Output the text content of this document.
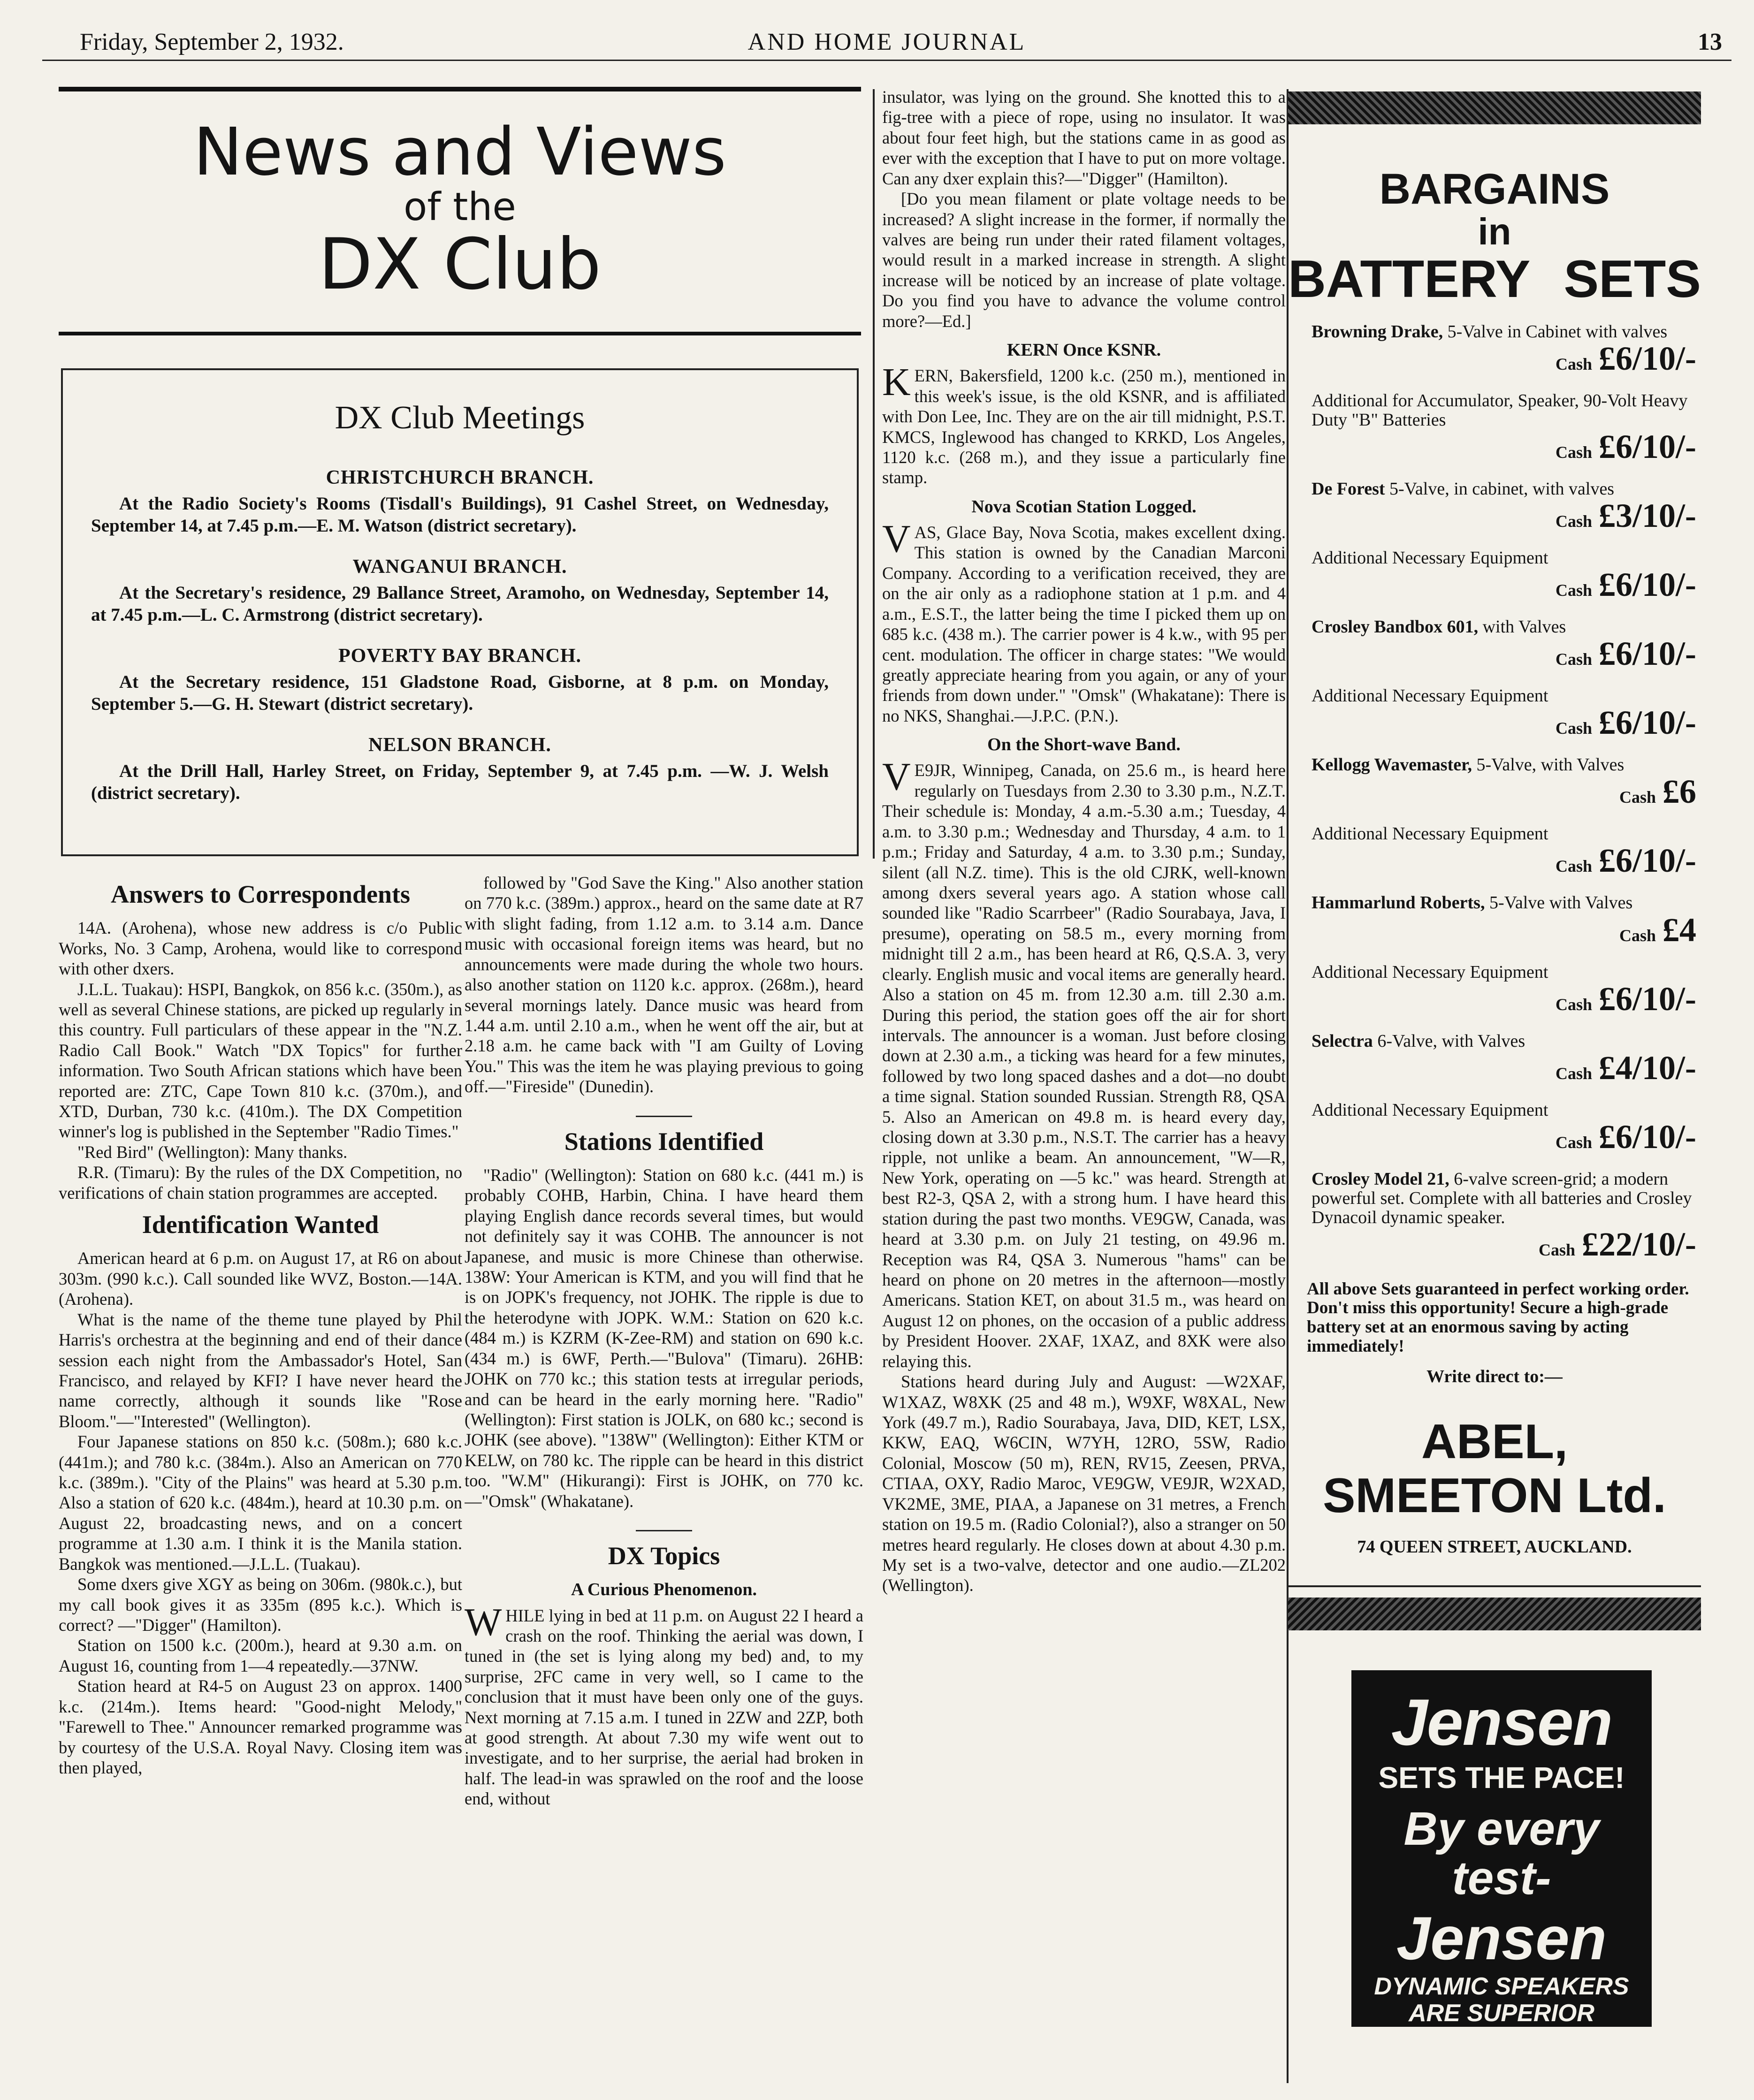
Friday, September 2, 1932.	AND HOME JOURNAL	13
News and Views
of the
DX Club
DX Club Meetings
CHRISTCHURCH BRANCH.

At the Radio Society's Rooms (Tisdall's Buildings), 91 Cashel Street, on Wednesday, September 14, at 7.45 p.m.—E. M. Watson (district secretary).

WANGANUI BRANCH.

At the Secretary's residence, 29 Ballance Street, Aramoho, on Wednesday, September 14, at 7.45 p.m.—L. C. Armstrong (district secretary).

POVERTY BAY BRANCH.

At the Secretary residence, 151 Gladstone Road, Gisborne, at 8 p.m. on Monday, September 5.—G. H. Stewart (district secretary).

NELSON BRANCH.

At the Drill Hall, Harley Street, on Friday, September 9, at 7.45 p.m. —W. J. Welsh (district secretary).

Answers to Correspondents

14A. (Arohena), whose new address is c/o Public Works, No. 3 Camp, Arohena, would like to correspond with other dxers.

J.L.L. Tuakau): HSPI, Bangkok, on 856 k.c. (350m.), as well as several Chinese stations, are picked up regularly in this country. Full particulars of these appear in the "N.Z. Radio Call Book." Watch "DX Topics" for further information. Two South African stations which have been reported are: ZTC, Cape Town 810 k.c. (370m.), and XTD, Durban, 730 k.c. (410m.). The DX Competition winner's log is published in the September "Radio Times."

"Red Bird" (Wellington): Many thanks.

R.R. (Timaru): By the rules of the DX Competition, no verifications of chain station programmes are accepted.

Identification Wanted

American heard at 6 p.m. on August 17, at R6 on about 303m. (990 k.c.). Call sounded like WVZ, Boston.—14A. (Arohena).

What is the name of the theme tune played by Phil Harris's orchestra at the beginning and end of their dance session each night from the Ambassador's Hotel, San Francisco, and relayed by KFI? I have never heard the name correctly, although it sounds like "Rose Bloom."—"Interested" (Wellington).

Four Japanese stations on 850 k.c. (508m.); 680 k.c. (441m.); and 780 k.c. (384m.). Also an American on 770 k.c. (389m.). "City of the Plains" was heard at 5.30 p.m. Also a station of 620 k.c. (484m.), heard at 10.30 p.m. on August 22, broadcasting news, and on a concert programme at 1.30 a.m. I think it is the Manila station. Bangkok was mentioned.—J.L.L. (Tuakau).

Some dxers give XGY as being on 306m. (980k.c.), but my call book gives it as 335m (895 k.c.). Which is correct? —"Digger" (Hamilton).

Station on 1500 k.c. (200m.), heard at 9.30 a.m. on August 16, counting from 1—4 repeatedly.—37NW.

Station heard at R4-5 on August 23 on approx. 1400 k.c. (214m.). Items heard: "Good-night Melody," "Farewell to Thee." Announcer remarked programme was by courtesy of the U.S.A. Royal Navy. Closing item was then played,

followed by "God Save the King." Also another station on 770 k.c. (389m.) approx., heard on the same date at R7 with slight fading, from 1.12 a.m. to 3.14 a.m. Dance music with occasional foreign items was heard, but no announcements were made during the whole two hours. also another station on 1120 k.c. approx. (268m.), heard several mornings lately. Dance music was heard from 1.44 a.m. until 2.10 a.m., when he went off the air, but at 2.18 a.m. he came back with "I am Guilty of Loving You." This was the item he was playing previous to going off.—"Fireside" (Dunedin).

Stations Identified

"Radio" (Wellington): Station on 680 k.c. (441 m.) is probably COHB, Harbin, China. I have heard them playing English dance records several times, but would not definitely say it was COHB. The announcer is not Japanese, and music is more Chinese than otherwise. 138W: Your American is KTM, and you will find that he is on JOPK's frequency, not JOHK. The ripple is due to the heterodyne with JOPK. W.M.: Station on 620 k.c. (484 m.) is KZRM (K-Zee-RM) and station on 690 k.c. (434 m.) is 6WF, Perth.—"Bulova" (Timaru). 26HB: JOHK on 770 kc.; this station tests at irregular periods, and can be heard in the early morning here. "Radio" (Wellington): First station is JOLK, on 680 kc.; second is JOHK (see above). "138W" (Wellington): Either KTM or KELW, on 780 kc. The ripple can be heard in this district too. "W.M" (Hikurangi): First is JOHK, on 770 kc.—"Omsk" (Whakatane).

DX Topics
A Curious Phenomenon.

WHILE lying in bed at 11 p.m. on August 22 I heard a crash on the roof. Thinking the aerial was down, I tuned in (the set is lying along my bed) and, to my surprise, 2FC came in very well, so I came to the conclusion that it must have been only one of the guys. Next morning at 7.15 a.m. I tuned in 2ZW and 2ZP, both at good strength. At about 7.30 my wife went out to investigate, and to her surprise, the aerial had broken in half. The lead-in was sprawled on the roof and the loose end, without

insulator, was lying on the ground. She knotted this to a fig-tree with a piece of rope, using no insulator. It was about four feet high, but the stations came in as good as ever with the exception that I have to put on more voltage. Can any dxer explain this?—"Digger" (Hamilton).

[Do you mean filament or plate voltage needs to be increased? A slight increase in the former, if normally the valves are being run under their rated filament voltages, would result in a marked increase in strength. A slight increase will be noticed by an increase of plate voltage. Do you find you have to advance the volume control more?—Ed.]

KERN Once KSNR.

KERN, Bakersfield, 1200 k.c. (250 m.), mentioned in this week's issue, is the old KSNR, and is affiliated with Don Lee, Inc. They are on the air till midnight, P.S.T. KMCS, Inglewood has changed to KRKD, Los Angeles, 1120 k.c. (268 m.), and they issue a particularly fine stamp.

Nova Scotian Station Logged.

VAS, Glace Bay, Nova Scotia, makes excellent dxing. This station is owned by the Canadian Marconi Company. According to a verification received, they are on the air only as a radiophone station at 1 p.m. and 4 a.m., E.S.T., the latter being the time I picked them up on 685 k.c. (438 m.). The carrier power is 4 k.w., with 95 per cent. modulation. The officer in charge states: "We would greatly appreciate hearing from you again, or any of your friends from down under." "Omsk" (Whakatane): There is no NKS, Shanghai.—J.P.C. (P.N.).

On the Short-wave Band.

VE9JR, Winnipeg, Canada, on 25.6 m., is heard here regularly on Tuesdays from 2.30 to 3.30 p.m., N.Z.T. Their schedule is: Monday, 4 a.m.-5.30 a.m.; Tuesday, 4 a.m. to 3.30 p.m.; Wednesday and Thursday, 4 a.m. to 1 p.m.; Friday and Saturday, 4 a.m. to 3.30 p.m.; Sunday, silent (all N.Z. time). This is the old CJRK, well-known among dxers several years ago. A station whose call sounded like "Radio Scarrbeer" (Radio Sourabaya, Java, I presume), operating on 58.5 m., every morning from midnight till 2 a.m., has been heard at R6, Q.S.A. 3, very clearly. English music and vocal items are generally heard. Also a station on 45 m. from 12.30 a.m. till 2.30 a.m. During this period, the station goes off the air for short intervals. The announcer is a woman. Just before closing down at 2.30 a.m., a ticking was heard for a few minutes, followed by two long spaced dashes and a dot—no doubt a time signal. Station sounded Russian. Strength R8, QSA 5. Also an American on 49.8 m. is heard every day, closing down at 3.30 p.m., N.S.T. The carrier has a heavy ripple, not unlike a beam. An announcement, "W—R, New York, operating on —5 kc." was heard. Strength at best R2-3, QSA 2, with a strong hum. I have heard this station during the past two months. VE9GW, Canada, was heard at 3.30 p.m. on July 21 testing, on 49.96 m. Reception was R4, QSA 3. Numerous "hams" can be heard on phone on 20 metres in the afternoon—mostly Americans. Station KET, on about 31.5 m., was heard on August 12 on phones, on the occasion of a public address by President Hoover. 2XAF, 1XAZ, and 8XK were also relaying this.

Stations heard during July and August: —W2XAF, W1XAZ, W8XK (25 and 48 m.), W9XF, W8XAL, New York (49.7 m.), Radio Sourabaya, Java, DID, KET, LSX, KKW, EAQ, W6CIN, W7YH, 12RO, 5SW, Radio Colonial, Moscow (50 m), REN, RV15, Zeesen, PRVA, CTIAA, OXY, Radio Maroc, VE9GW, VE9JR, W2XAD, VK2ME, 3ME, PIAA, a Japanese on 31 metres, a French station on 19.5 m. (Radio Colonial?), also a stranger on 50 metres heard regularly. He closes down at about 4.30 p.m. My set is a two-valve, detector and one audio.—ZL202 (Wellington).

BARGAINS
in
BATTERY SETS
Browning Drake, 5-Valve in Cabinet with valves
Cash £6/10/-
Additional for Accumulator, Speaker, 90-Volt Heavy Duty "B" Batteries
Cash £6/10/-
De Forest 5-Valve, in cabinet, with valves
Cash £3/10/-
Additional Necessary Equipment
Cash £6/10/-
Crosley Bandbox 601, with Valves
Cash £6/10/-
Additional Necessary Equipment
Cash £6/10/-
Kellogg Wavemaster, 5-Valve, with Valves
Cash £6
Additional Necessary Equipment
Cash £6/10/-
Hammarlund Roberts, 5-Valve with Valves
Cash £4
Additional Necessary Equipment
Cash £6/10/-
Selectra 6-Valve, with Valves
Cash £4/10/-
Additional Necessary Equipment
Cash £6/10/-
Crosley Model 21, 6-valve screen-grid; a modern powerful set. Complete with all batteries and Crosley Dynacoil dynamic speaker.
Cash £22/10/-
All above Sets guaranteed in perfect working order. Don't miss this opportunity! Secure a high-grade battery set at an enormous saving by acting immediately!
Write direct to:—
ABEL,
SMEETON Ltd.
74 QUEEN STREET, AUCKLAND.
Jensen
SETS THE PACE!
By every test-
Jensen
DYNAMIC SPEAKERS ARE SUPERIOR
